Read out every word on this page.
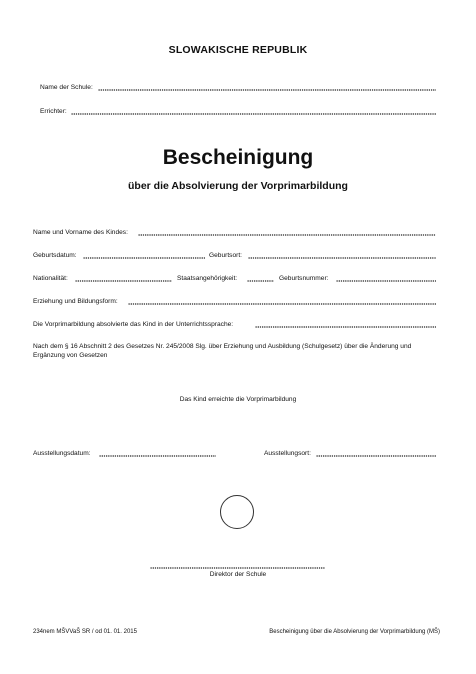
SLOWAKISCHE REPUBLIK
Name der Schule:
Errichter:
Bescheinigung
über die Absolvierung der Vorprimarbildung
Name und Vorname des Kindes:
Geburtsdatum:	Geburtsort:
Nationalität:	Staatsangehörigkeit:	Geburtsnummer:
Erziehung und Bildungsform:
Die Vorprimarbildung absolvierte das Kind in der Unterrichtssprache:
Nach dem § 16 Abschnitt 2 des Gesetzes Nr. 245/2008 Slg. über Erziehung und Ausbildung (Schulgesetz) über die Änderung und Ergänzung von Gesetzen
Das Kind erreichte die Vorprimarbildung
Ausstellungsdatum:	Ausstellungsort:
Direktor der Schule
234nem MŠVVaŠ SR / od 01. 01. 2015	Bescheinigung über die Absolvierung der Vorprimarbildung (MŠ)
